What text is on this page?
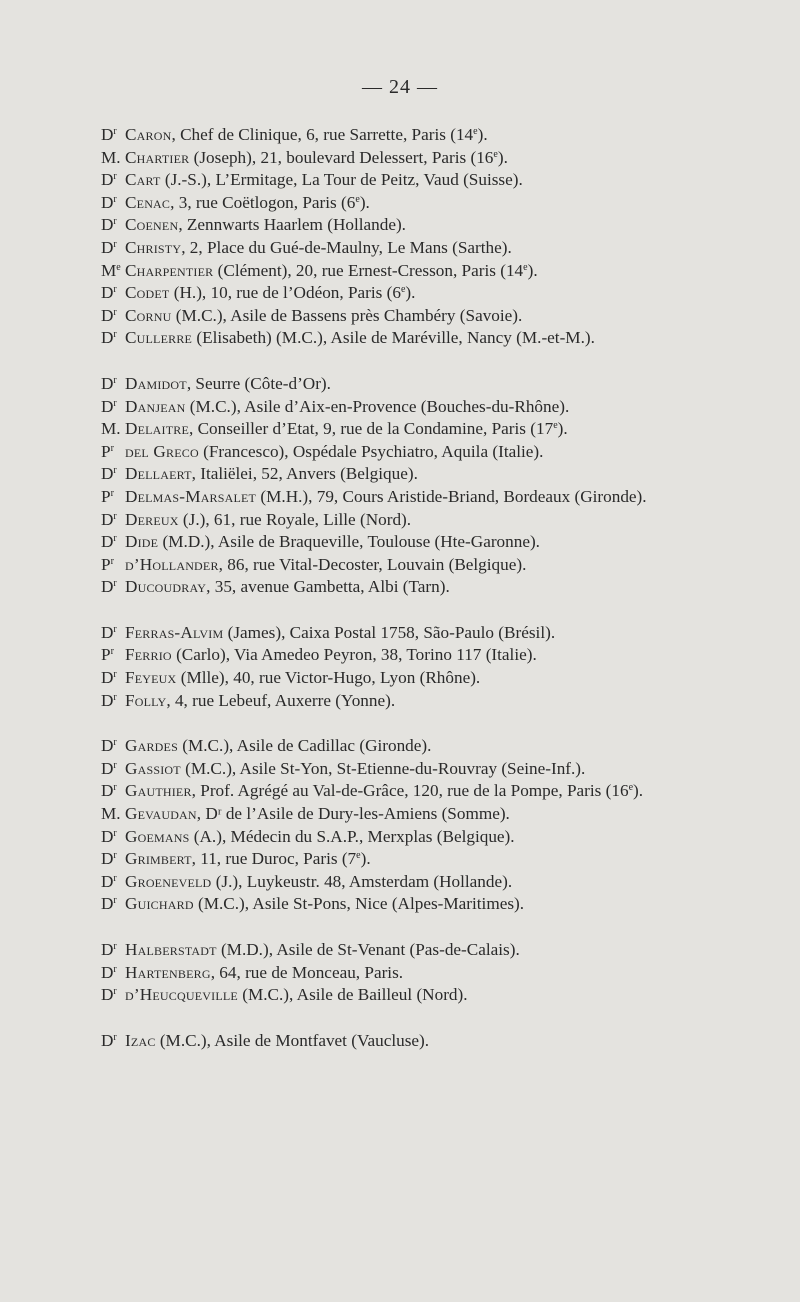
— 24 —

$D^r$ Caron, Chef de Clinique, 6, rue Sarrette, Paris (14e).

M. Chartier (Joseph), 21, boulevard Delessert, Paris (16e).

$D^r$ Cart (J.-S.), L’Ermitage, La Tour de Peitz, Vaud (Suisse).

$D^r$ Cenac, 3, rue Coëtlogon, Paris (6e).

$D^r$ Coenen, Zennwarts Haarlem (Hollande).

$D^r$ Christy, 2, Place du Gué-de-Maulny, Le Mans (Sarthe).

Me Charpentier (Clément), 20, rue Ernest-Cresson, Paris (14e).

$D^r$ Codet (H.), 10, rue de l’Odéon, Paris (6e).

$D^r$ Cornu (M.C.), Asile de Bassens près Chambéry (Savoie).

$D^r$ Cullerre (Elisabeth) (M.C.), Asile de Maréville, Nancy (M.-et-M.).

$D^r$ Damidot, Seurre (Côte-d’Or).

$D^r$ Danjean (M.C.), Asile d’Aix-en-Provence (Bouches-du-Rhône).

M. Delaitre, Conseiller d’Etat, 9, rue de la Condamine, Paris (17e).

$P^r$ del Greco (Francesco), Ospédale Psychiatro, Aquila (Italie).

$D^r$ Dellaert, Italiëlei, 52, Anvers (Belgique).

$P^r$ Delmas-Marsalet (M.H.), 79, Cours Aristide-Briand, Bordeaux (Gironde).

$D^r$ Dereux (J.), 61, rue Royale, Lille (Nord).

$D^r$ Dide (M.D.), Asile de Braqueville, Toulouse (Hte-Garonne).

$P^r$ d’Hollander, 86, rue Vital-Decoster, Louvain (Belgique).

$D^r$ Ducoudray, 35, avenue Gambetta, Albi (Tarn).

$D^r$ Ferras-Alvim (James), Caixa Postal 1758, São-Paulo (Brésil).

$P^r$ Ferrio (Carlo), Via Amedeo Peyron, 38, Torino 117 (Italie).

$D^r$ Feyeux (Mlle), 40, rue Victor-Hugo, Lyon (Rhône).

$D^r$ Folly, 4, rue Lebeuf, Auxerre (Yonne).

$D^r$ Gardes (M.C.), Asile de Cadillac (Gironde).

$D^r$ Gassiot (M.C.), Asile St-Yon, St-Etienne-du-Rouvray (Seine-Inf.).

$D^r$ Gauthier, Prof. Agrégé au Val-de-Grâce, 120, rue de la Pompe, Paris (16e).

M. Gevaudan, Dʳ de l’Asile de Dury-les-Amiens (Somme).

$D^r$ Goemans (A.), Médecin du S.A.P., Merxplas (Belgique).

$D^r$ Grimbert, 11, rue Duroc, Paris (7e).

$D^r$ Groeneveld (J.), Luykeustr. 48, Amsterdam (Hollande).

$D^r$ Guichard (M.C.), Asile St-Pons, Nice (Alpes-Maritimes).

$D^r$ Halberstadt (M.D.), Asile de St-Venant (Pas-de-Calais).

$D^r$ Hartenberg, 64, rue de Monceau, Paris.

$D^r$ d’Heucqueville (M.C.), Asile de Bailleul (Nord).

$D^r$ Izac (M.C.), Asile de Montfavet (Vaucluse).
